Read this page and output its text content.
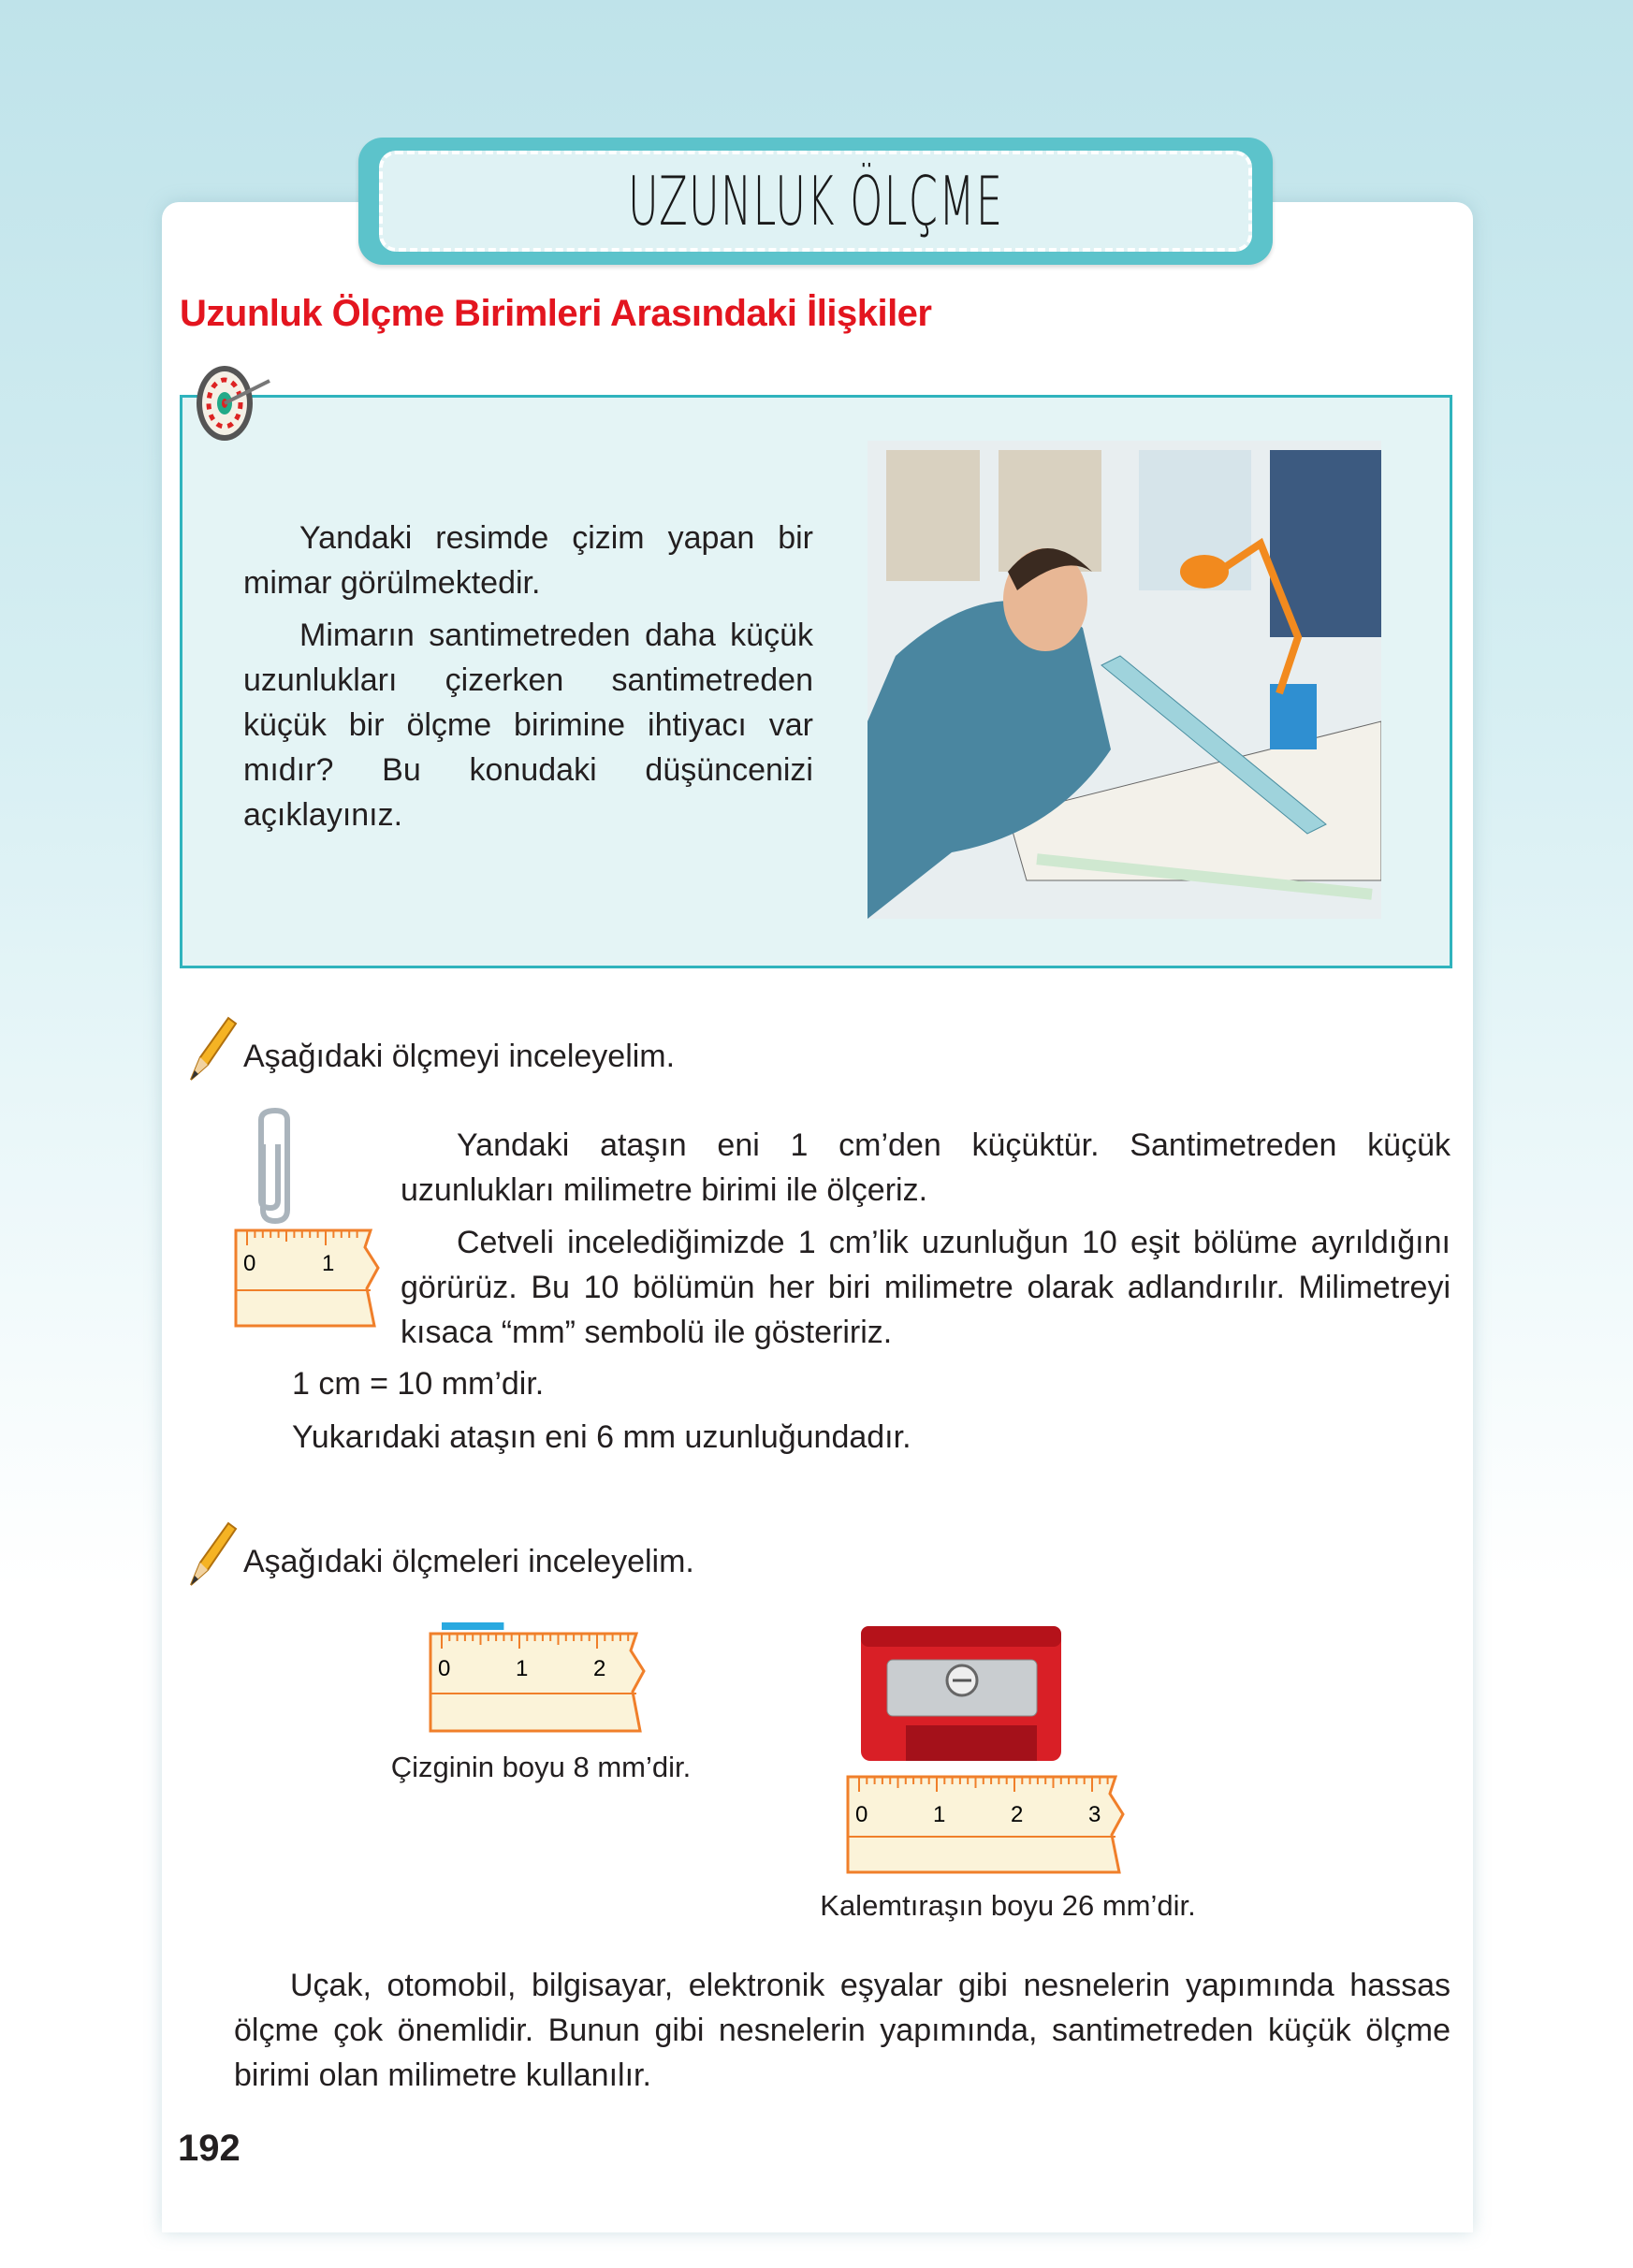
UZUNLUK ÖLÇME
Uzunluk Ölçme Birimleri Arasındaki İlişkiler

Yandaki resimde çizim yapan bir mimar görülmektedir.

Mimarın santimetreden daha küçük uzunlukları çizerken santimetreden küçük bir ölçme birimine ihtiyacı var mıdır? Bu konudaki düşüncenizi açıklayınız.

Aşağıdaki ölçmeyi inceleyelim.
0	1

Yandaki ataşın eni 1 cm’den küçüktür. Santimetreden küçük uzunlukları milimetre birimi ile ölçeriz.

Cetveli incelediğimizde 1 cm’lik uzunluğun 10 eşit bölüme ayrıldığını görürüz. Bu 10 bölümün her biri milimetre olarak adlandırılır. Milimetreyi kısaca “mm” sembolü ile gösteririz.

1 cm = 10 mm’dir.
Yukarıdaki ataşın eni 6 mm uzunluğundadır.
Aşağıdaki ölçmeleri inceleyelim.
0	1	2
Çizginin boyu 8 mm’dir.
0	1	2	3
Kalemtıraşın boyu 26 mm’dir.

Uçak, otomobil, bilgisayar, elektronik eşyalar gibi nesnelerin yapımında hassas ölçme çok önemlidir. Bunun gibi nesnelerin yapımında, santimetreden küçük ölçme birimi olan milimetre kullanılır.

192
